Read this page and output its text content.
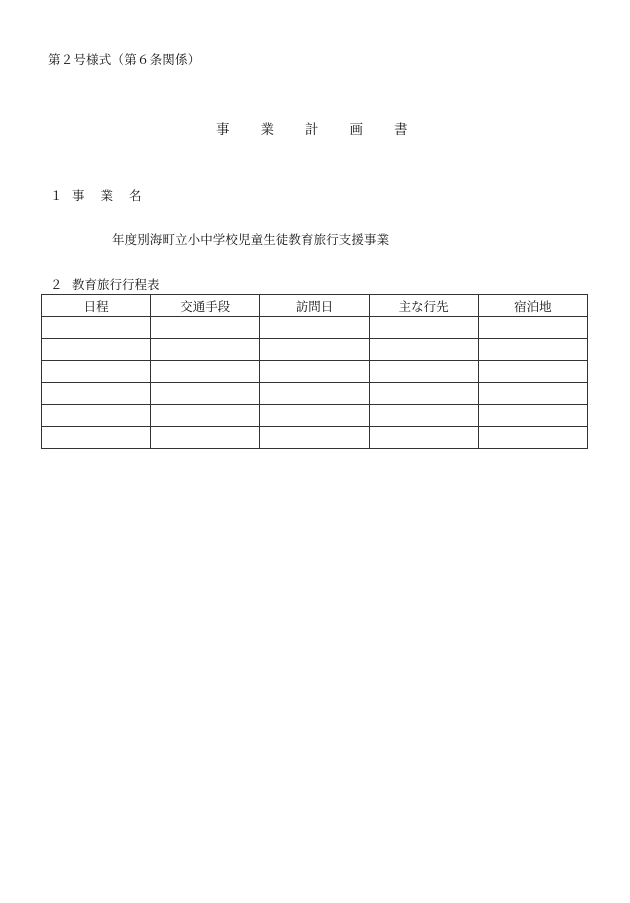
第２号様式（第６条関係）
事 業 計 画 書
１ 事 業 名
年度別海町立小中学校児童生徒教育旅行支援事業
２ 教育旅行行程表
日程	交通手段	訪問日	主な行先	宿泊地
